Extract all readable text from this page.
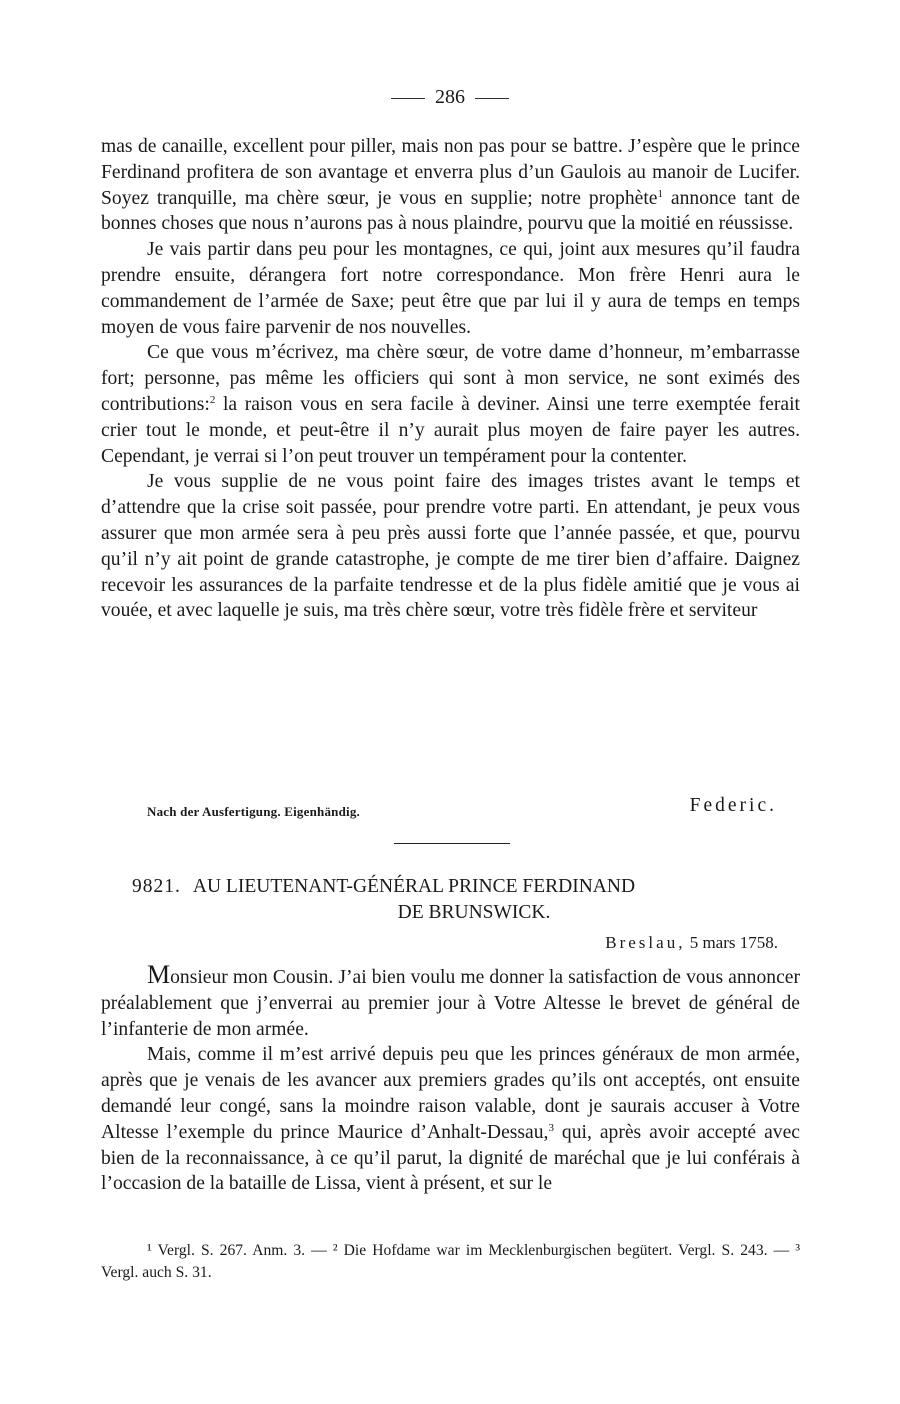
286

mas de canaille, excellent pour piller, mais non pas pour se battre. J’espère que le prince Ferdinand profitera de son avantage et enverra plus d’un Gaulois au manoir de Lucifer. Soyez tranquille, ma chère sœur, je vous en supplie; notre prophète$^1$ annonce tant de bonnes choses que nous n’aurons pas à nous plaindre, pourvu que la moitié en réussisse.

Je vais partir dans peu pour les montagnes, ce qui, joint aux mesures qu’il faudra prendre ensuite, dérangera fort notre correspondance. Mon frère Henri aura le commandement de l’armée de Saxe; peut être que par lui il y aura de temps en temps moyen de vous faire parvenir de nos nouvelles.

Ce que vous m’écrivez, ma chère sœur, de votre dame d’honneur, m’embarrasse fort; personne, pas même les officiers qui sont à mon service, ne sont eximés des contributions:$^2$ la raison vous en sera facile à deviner. Ainsi une terre exemptée ferait crier tout le monde, et peut-être il n’y aurait plus moyen de faire payer les autres. Cependant, je verrai si l’on peut trouver un tempérament pour la contenter.

Je vous supplie de ne vous point faire des images tristes avant le temps et d’attendre que la crise soit passée, pour prendre votre parti. En attendant, je peux vous assurer que mon armée sera à peu près aussi forte que l’année passée, et que, pourvu qu’il n’y ait point de grande catastrophe, je compte de me tirer bien d’affaire. Daignez recevoir les assurances de la parfaite tendresse et de la plus fidèle amitié que je vous ai vouée, et avec laquelle je suis, ma très chère sœur, votre très fidèle frère et serviteur

Nach der Ausfertigung. Eigenhändig.	Federic.
9821. AU LIEUTENANT-GÉNÉRAL PRINCE FERDINAND
DE BRUNSWICK.
Breslau, 5 mars 1758.

Monsieur mon Cousin. J’ai bien voulu me donner la satisfaction de vous annoncer préalablement que j’enverrai au premier jour à Votre Altesse le brevet de général de l’infanterie de mon armée.

Mais, comme il m’est arrivé depuis peu que les princes généraux de mon armée, après que je venais de les avancer aux premiers grades qu’ils ont acceptés, ont ensuite demandé leur congé, sans la moindre raison valable, dont je saurais accuser à Votre Altesse l’exemple du prince Maurice d’Anhalt-Dessau,$^3$ qui, après avoir accepté avec bien de la reconnaissance, à ce qu’il parut, la dignité de maréchal que je lui conférais à l’occasion de la bataille de Lissa, vient à présent, et sur le

¹ Vergl. S. 267. Anm. 3. — ² Die Hofdame war im Mecklenburgischen begütert. Vergl. S. 243. — ³ Vergl. auch S. 31.
